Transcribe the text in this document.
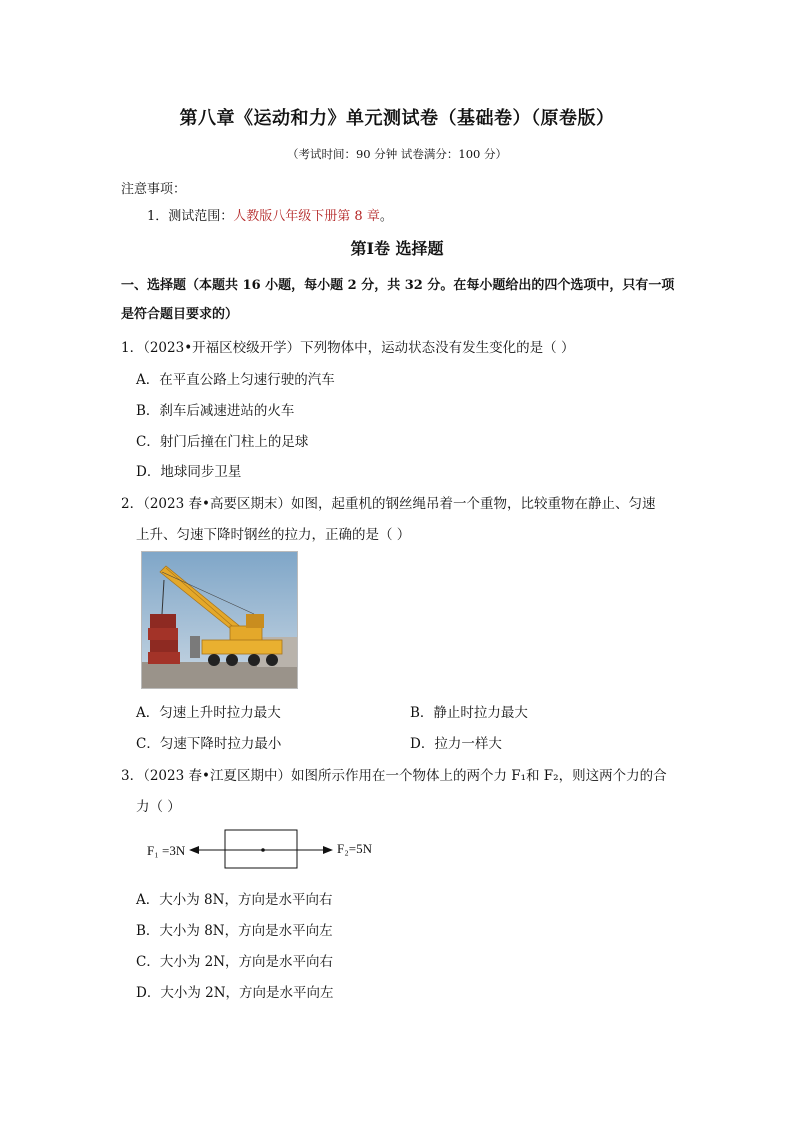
第八章《运动和力》单元测试卷（基础卷）（原卷版）
（考试时间：90 分钟 试卷满分：100 分）
注意事项：
1．测试范围：人教版八年级下册第 8 章。
第Ⅰ卷 选择题
一、选择题（本题共 16 小题，每小题 2 分，共 32 分。在每小题给出的四个选项中，只有一项是符合题目要求的）
1．（2023•开福区校级开学）下列物体中，运动状态没有发生变化的是（ ）
A．在平直公路上匀速行驶的汽车
B．刹车后减速进站的火车
C．射门后撞在门柱上的足球
D．地球同步卫星
2．（2023 春•高要区期末）如图，起重机的钢丝绳吊着一个重物，比较重物在静止、匀速
上升、匀速下降时钢丝的拉力，正确的是（ ）
A．匀速上升时拉力最大	B．静止时拉力最大
C．匀速下降时拉力最小	D．拉力一样大
3．（2023 春•江夏区期中）如图所示作用在一个物体上的两个力 F₁和 F₂，则这两个力的合
力（ ）
F₁ =3N	F₂=5N
A．大小为 8N，方向是水平向右
B．大小为 8N，方向是水平向左
C．大小为 2N，方向是水平向右
D．大小为 2N，方向是水平向左
